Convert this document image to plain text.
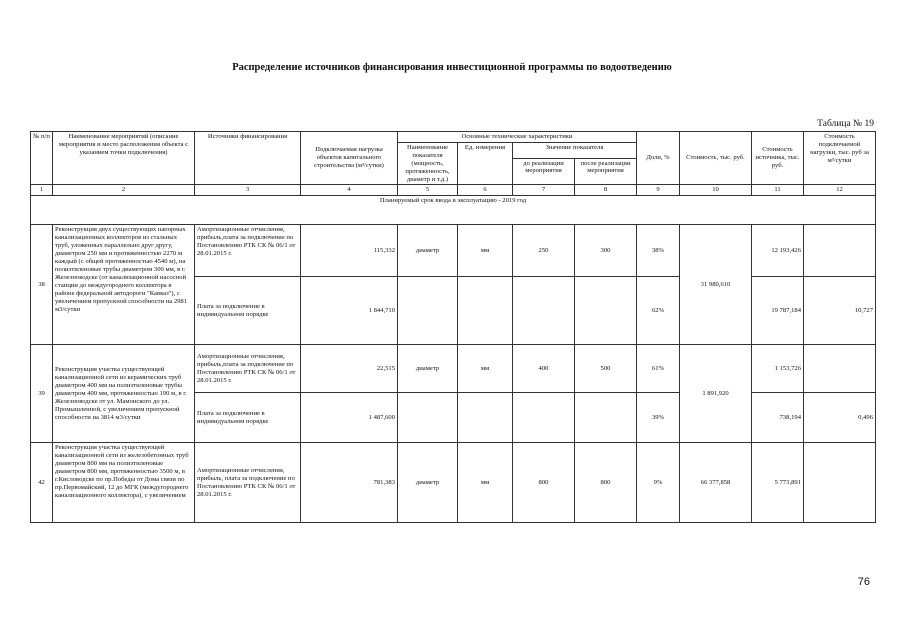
Распределение источников финансирования инвестиционной программы по водоотведению
Таблица № 19
№ п/п	Наименование мероприятий (описание мероприятия и место расположения объекта с указанием точки подключения)	Источники финансирования	Подключаемая нагрузка объектов капитального строительства (м³/сутки)	Основные технические характеристики				Доли, %	Стоимость, тыс. руб.	Стоимость источника, тыс. руб.	Стоимость подключаемой нагрузки, тыс. руб за м³/сутки
				Наименование показателя (мощность, протяженность, диаметр и т.д.)	Ед. измерения	Значение показателя					
						до реализации мероприятия	после реализации мероприятия				
1	2	3	4	5	6	7	8	9	10	11	12
Планируемый срок ввода в эксплуатацию - 2019 год											
38	Реконструкция двух существующих напорных канализационных коллекторов из стальных труб, уложенных параллельно друг другу, диаметром 250 мм и протяженностью 2270 м каждый (с общей протяженностью 4540 м), на полиэтиленовые трубы диаметром 300 мм, в г. Железноводске (от канализационной насосной станции до междугороднего коллектора в районе федеральной автодороги "Кавказ"), с увеличением пропускной способности на 2981 м3/сутки	Амортизационные отчисления, прибыль,плата за подключение по Постановлению РТК СК № 06/1 от 28.01.2015 г.	115,332	диаметр	мм	250	300	38%	31 980,610	12 193,426	
		Плата за подключение в индивидуальном порядке	1 844,710					62%		19 787,184	10,727
39	Реконструкция участка существующей канализационной сети из керамических труб диаметром 400 мм на полиэтиленовые трубы диаметром 400 мм, протяженностью 190 м, в г. Железноводске от ул. Мамонского до ул. Промышленной, с увеличением пропускной способности на 3814 м3/сутки	Амортизационные отчисления, прибыль,плата за подключение по Постановлению РТК СК № 06/1 от 28.01.2015 г.	22,515	диаметр	мм	400	500	61%	1 891,920	1 153,726	
		Плата за подключение в индивидуальном порядке	1 487,600					39%		738,194	0,496
42	Реконструкция участка существующей канализационной сети из железобетонных труб диаметром 800 мм на полиэтиленовые диаметром 800 мм, протяженностью 3500 м, в г.Кисловодске по пр.Победы от Дома связи по пр.Первомайский, 12 до МГК (междугороднего канализационного коллектора), с увеличением	Амортизационные отчисления, прибыль, плата за подключение по Постановлению РТК СК № 06/1 от 28.01.2015 г.	781,383	диаметр	мм	800	800	9%	66 377,858	5 773,891	
76
